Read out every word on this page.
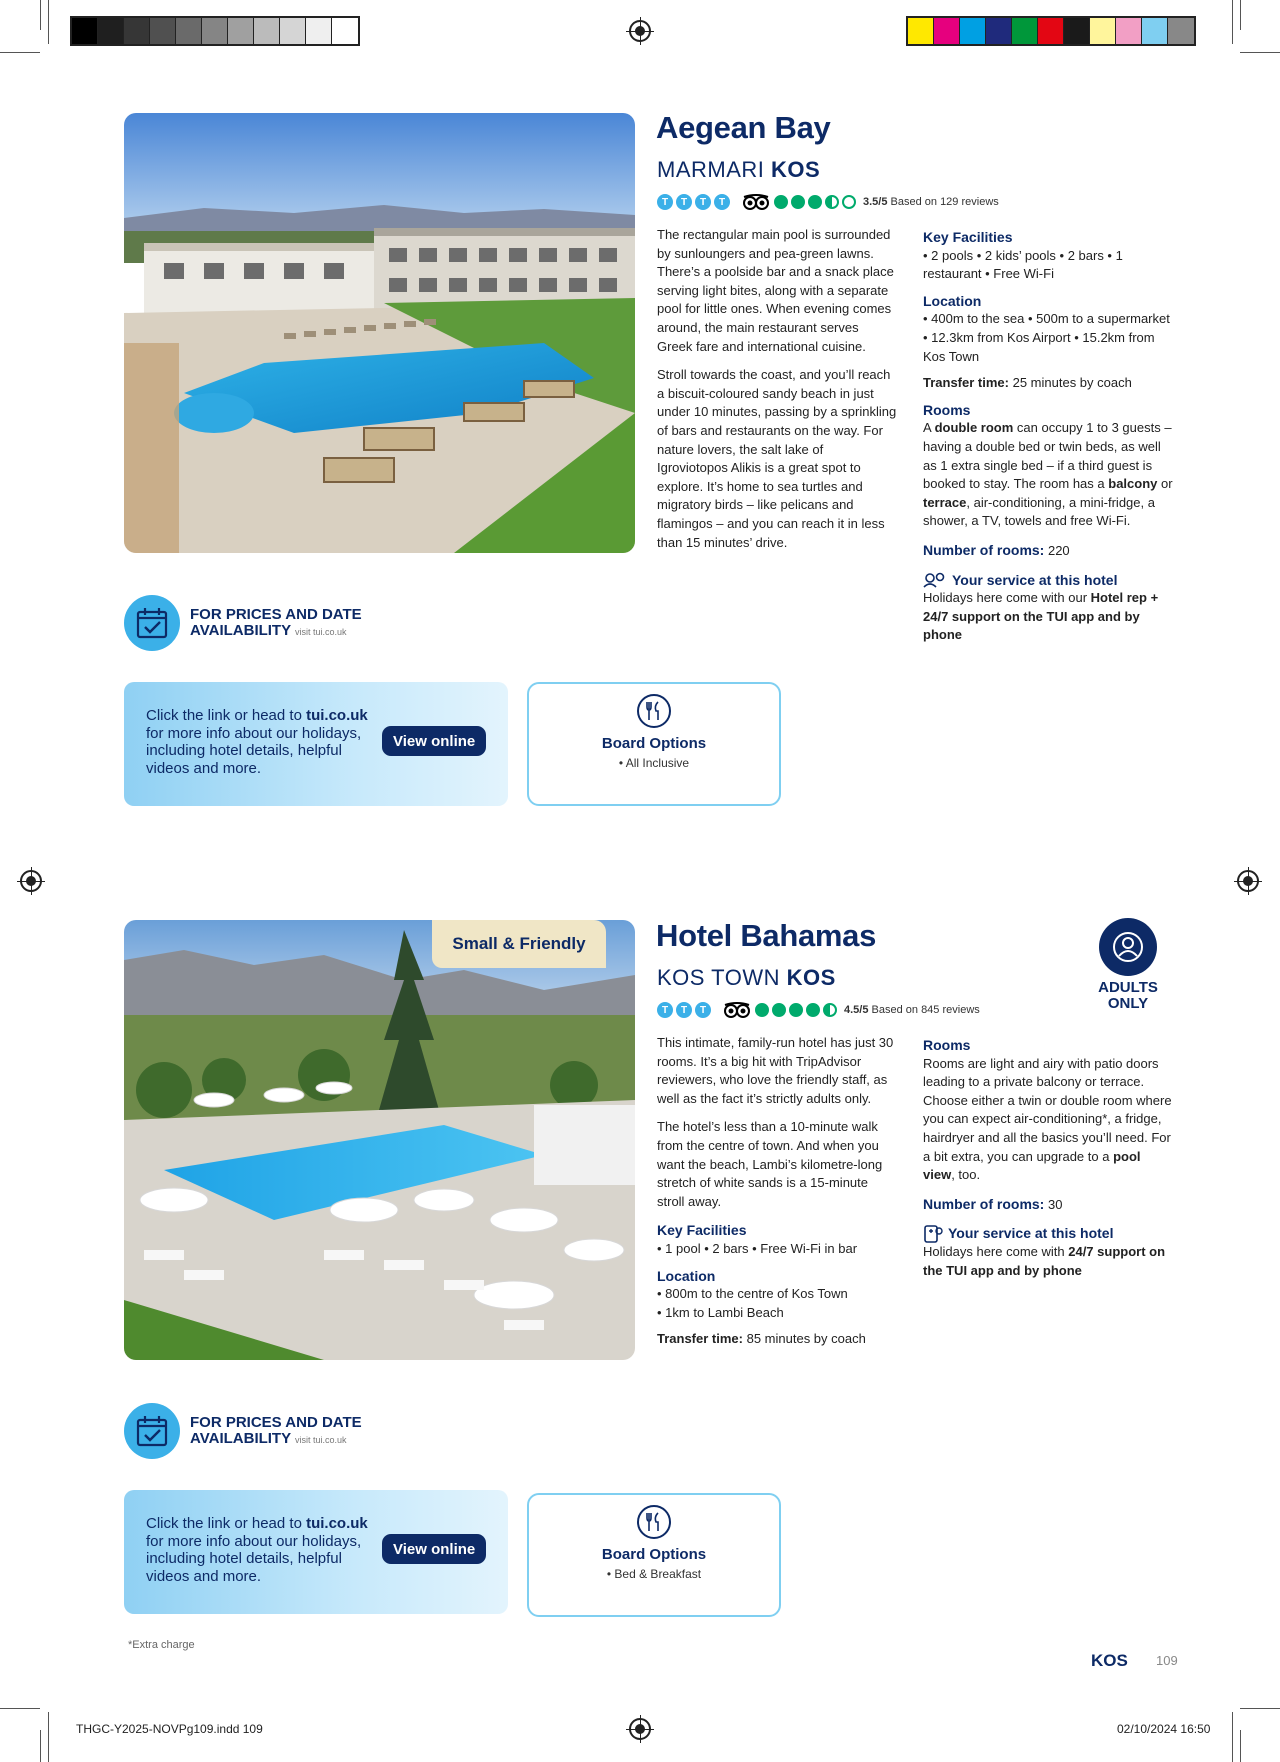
Aegean Bay
MARMARI KOS
T	T	T	T	3.5/5 Based on 129 reviews

The rectangular main pool is surrounded by sunloungers and pea-green lawns. There’s a poolside bar and a snack place serving light bites, along with a separate pool for little ones. When evening comes around, the main restaurant serves Greek fare and international cuisine.

Stroll towards the coast, and you’ll reach a biscuit-coloured sandy beach in just under 10 minutes, passing by a sprinkling of bars and restaurants on the way. For nature lovers, the salt lake of Igroviotopos Alikis is a great spot to explore. It’s home to sea turtles and migratory birds – like pelicans and flamingos – and you can reach it in less than 15 minutes’ drive.

Key Facilities
• 2 pools • 2 kids’ pools • 2 bars • 1 restaurant • Free Wi-Fi
Location
• 400m to the sea • 500m to a supermarket • 12.3km from Kos Airport • 15.2km from Kos Town
Transfer time: 25 minutes by coach
Rooms
A double room can occupy 1 to 3 guests – having a double bed or twin beds, as well as 1 extra single bed – if a third guest is booked to stay. The room has a balcony or terrace, air-conditioning, a mini-fridge, a shower, a TV, towels and free Wi-Fi.
Number of rooms: 220
Your service at this hotel
Holidays here come with our Hotel rep + 24/7 support on the TUI app and by phone
FOR PRICES AND DATE
AVAILABILITY visit tui.co.uk
Click the link or head to tui.co.uk for more info about our holidays, including hotel details, helpful videos and more.
View online	Board Options
• All Inclusive
Small & Friendly	Hotel Bahamas
KOS TOWN KOS	ADULTS ONLY
T	T	T	4.5/5 Based on 845 reviews

This intimate, family-run hotel has just 30 rooms. It’s a big hit with TripAdvisor reviewers, who love the friendly staff, as well as the fact it’s strictly adults only.

The hotel’s less than a 10-minute walk from the centre of town. And when you want the beach, Lambi’s kilometre-long stretch of white sands is a 15-minute stroll away.

Key Facilities
• 1 pool • 2 bars • Free Wi-Fi in bar
Location
• 800m to the centre of Kos Town
• 1km to Lambi Beach
Transfer time: 85 minutes by coach
Rooms
Rooms are light and airy with patio doors leading to a private balcony or terrace. Choose either a twin or double room where you can expect air-conditioning*, a fridge, hairdryer and all the basics you’ll need. For a bit extra, you can upgrade to a pool view, too.
Number of rooms: 30
Your service at this hotel
Holidays here come with 24/7 support on the TUI app and by phone
FOR PRICES AND DATE
AVAILABILITY visit tui.co.uk
Click the link or head to tui.co.uk for more info about our holidays, including hotel details, helpful videos and more.
View online	Board Options
• Bed & Breakfast
*Extra charge
KOS 109
THGC-Y2025-NOVPg109.indd 109	02/10/2024 16:50
